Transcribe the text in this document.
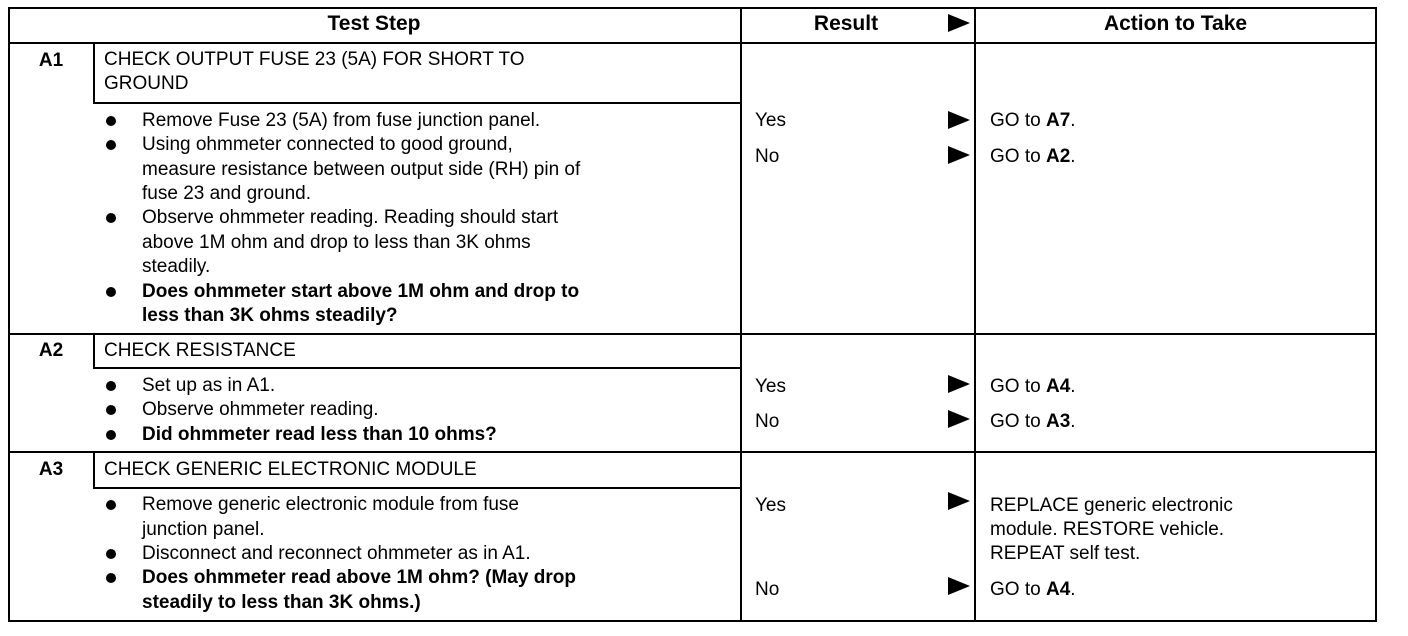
Test Step	Result	Action to Take
A1	CHECK OUTPUT FUSE 23 (5A) FOR SHORT TO
GROUND
Remove Fuse 23 (5A) from fuse junction panel.
Using ohmmeter connected to good ground,
measure resistance between output side (RH) pin of
fuse 23 and ground.
Observe ohmmeter reading. Reading should start
above 1M ohm and drop to less than 3K ohms
steadily.
Does ohmmeter start above 1M ohm and drop to
less than 3K ohms steadily?
Yes	GO to A7.
No	GO to A2.
A2	CHECK RESISTANCE
Set up as in A1.
Observe ohmmeter reading.
Did ohmmeter read less than 10 ohms?
Yes	GO to A4.
No	GO to A3.
A3	CHECK GENERIC ELECTRONIC MODULE
Remove generic electronic module from fuse
junction panel.
Disconnect and reconnect ohmmeter as in A1.
Does ohmmeter read above 1M ohm? (May drop
steadily to less than 3K ohms.)
Yes	REPLACE generic electronic
module. RESTORE vehicle.
REPEAT self test.
No	GO to A4.
